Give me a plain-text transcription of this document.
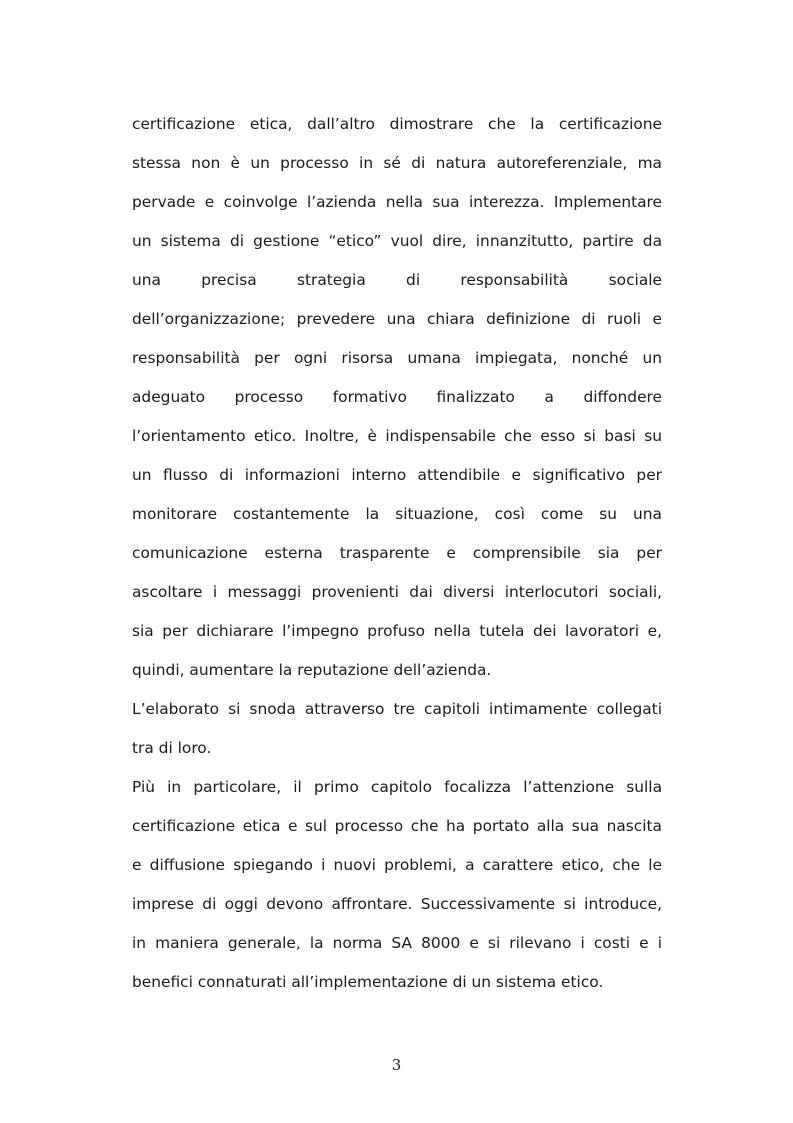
certificazione etica, dall’altro dimostrare che la certificazione
stessa non è un processo in sé di natura autoreferenziale, ma
pervade e coinvolge l’azienda nella sua interezza. Implementare
un sistema di gestione “etico” vuol dire, innanzitutto, partire da
una precisa strategia di responsabilità sociale
dell’organizzazione; prevedere una chiara definizione di ruoli e
responsabilità per ogni risorsa umana impiegata, nonché un
adeguato processo formativo finalizzato a diffondere
l’orientamento etico. Inoltre, è indispensabile che esso si basi su
un flusso di informazioni interno attendibile e significativo per
monitorare costantemente la situazione, così come su una
comunicazione esterna trasparente e comprensibile sia per
ascoltare i messaggi provenienti dai diversi interlocutori sociali,
sia per dichiarare l’impegno profuso nella tutela dei lavoratori e,
quindi, aumentare la reputazione dell’azienda.
L’elaborato si snoda attraverso tre capitoli intimamente collegati
tra di loro.
Più in particolare, il primo capitolo focalizza l’attenzione sulla
certificazione etica e sul processo che ha portato alla sua nascita
e diffusione spiegando i nuovi problemi, a carattere etico, che le
imprese di oggi devono affrontare. Successivamente si introduce,
in maniera generale, la norma SA 8000 e si rilevano i costi e i
benefici connaturati all’implementazione di un sistema etico.
3
